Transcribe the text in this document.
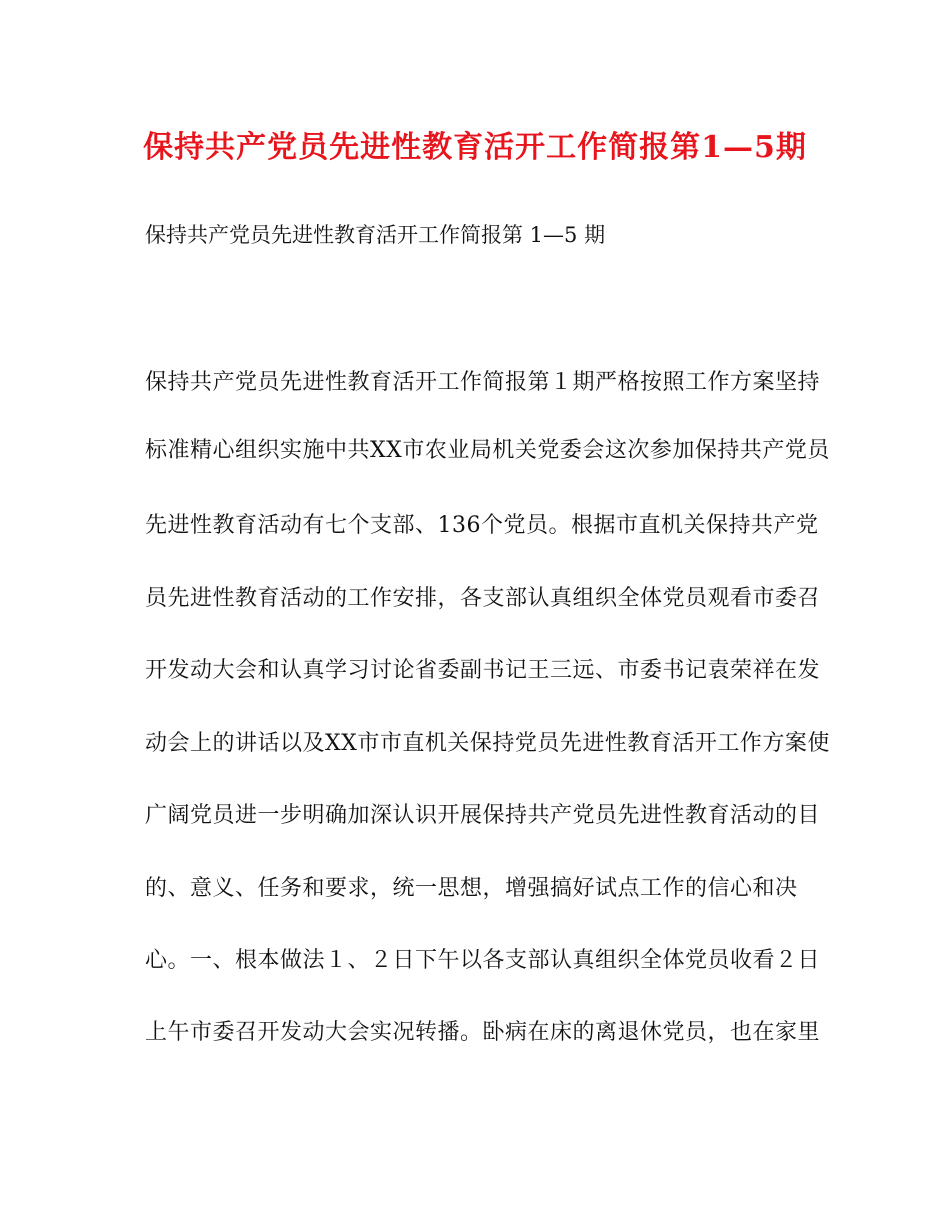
保持共产党员先进性教育活开工作简报第1—5期
保持共产党员先进性教育活开工作简报第 1—5 期
保持共产党员先进性教育活开工作简报第１期严格按照工作方案坚持
标准精心组织实施中共XX市农业局机关党委会这次参加保持共产党员
先进性教育活动有七个支部、136个党员。根据市直机关保持共产党
员先进性教育活动的工作安排，各支部认真组织全体党员观看市委召
开发动大会和认真学习讨论省委副书记王三远、市委书记袁荣祥在发
动会上的讲话以及XX市市直机关保持党员先进性教育活开工作方案使
广阔党员进一步明确加深认识开展保持共产党员先进性教育活动的目
的、意义、任务和要求，统一思想，增强搞好试点工作的信心和决
心。一、根本做法１、２日下午以各支部认真组织全体党员收看２日
上午市委召开发动大会实况转播。卧病在床的离退休党员，也在家里
